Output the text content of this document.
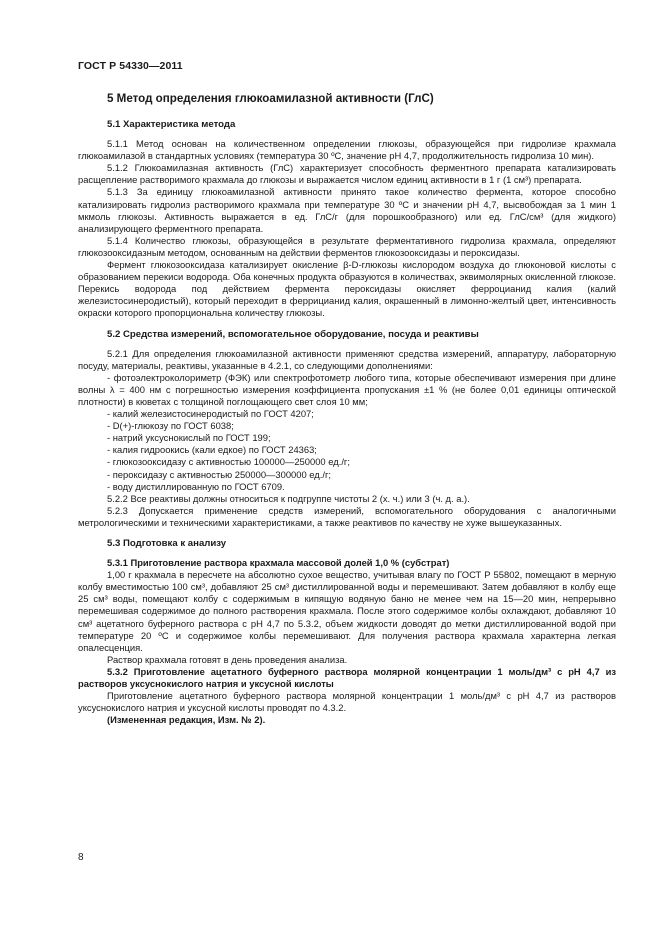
ГОСТ Р 54330—2011
5 Метод определения глюкоамилазной активности (ГлС)
5.1 Характеристика метода

5.1.1 Метод основан на количественном определении глюкозы, образующейся при гидролизе крахмала глюкоамилазой в стандартных условиях (температура 30 ºС, значение рН 4,7, продолжительность гидролиза 10 мин).

5.1.2 Глюкоамилазная активность (ГлС) характеризует способность ферментного препарата катализировать расщепление растворимого крахмала до глюкозы и выражается числом единиц активности в 1 г (1 см³) препарата.

5.1.3 За единицу глюкоамилазной активности принято такое количество фермента, которое способно катализировать гидролиз растворимого крахмала при температуре 30 ºС и значении рН 4,7, высвобождая за 1 мин 1 мкмоль глюкозы. Активность выражается в ед. ГлС/г (для порошкообразного) или ед. ГлС/см³ (для жидкого) анализирующего ферментного препарата.

5.1.4 Количество глюкозы, образующейся в результате ферментативного гидролиза крахмала, определяют глюкозооксидазным методом, основанным на действии ферментов глюкозооксидазы и пероксидазы.

Фермент глюкозооксидаза катализирует окисление β-D-глюкозы кислородом воздуха до глюконовой кислоты с образованием перекиси водорода. Оба конечных продукта образуются в количествах, эквимолярных окисленной глюкозе. Перекись водорода под действием фермента пероксидазы окисляет ферроцианид калия (калий железистосинеродистый), который переходит в феррицианид калия, окрашенный в лимонно-желтый цвет, интенсивность окраски которого пропорциональна количеству глюкозы.

5.2 Средства измерений, вспомогательное оборудование, посуда и реактивы

5.2.1 Для определения глюкоамилазной активности применяют средства измерений, аппаратуру, лабораторную посуду, материалы, реактивы, указанные в 4.2.1, со следующими дополнениями:

- фотоэлектроколориметр (ФЭК) или спектрофотометр любого типа, которые обеспечивают измерения при длине волны λ = 400 нм с погрешностью измерения коэффициента пропускания ±1 % (не более 0,01 единицы оптической плотности) в кюветах с толщиной поглощающего свет слоя 10 мм;

- калий железистосинеродистый по ГОСТ 4207;

- D(+)-глюкозу по ГОСТ 6038;

- натрий уксуснокислый по ГОСТ 199;

- калия гидроокись (кали едкое) по ГОСТ 24363;

- глюкозооксидазу с активностью 100000—250000 ед./г;

- пероксидазу с активностью 250000—300000 ед./г;

- воду дистиллированную по ГОСТ 6709.

5.2.2 Все реактивы должны относиться к подгруппе чистоты 2 (х. ч.) или 3 (ч. д. а.).

5.2.3 Допускается применение средств измерений, вспомогательного оборудования с аналогичными метрологическими и техническими характеристиками, а также реактивов по качеству не хуже вышеуказанных.

5.3 Подготовка к анализу

5.3.1 Приготовление раствора крахмала массовой долей 1,0 % (субстрат)

1,00 г крахмала в пересчете на абсолютно сухое вещество, учитывая влагу по ГОСТ Р 55802, помещают в мерную колбу вместимостью 100 см³, добавляют 25 см³ дистиллированной воды и перемешивают. Затем добавляют в колбу еще 25 см³ воды, помещают колбу с содержимым в кипящую водяную баню не менее чем на 15—20 мин, непрерывно перемешивая содержимое до полного растворения крахмала. После этого содержимое колбы охлаждают, добавляют 10 см³ ацетатного буферного раствора с рН 4,7 по 5.3.2, объем жидкости доводят до метки дистиллированной водой при температуре 20 ºС и содержимое колбы перемешивают. Для получения раствора крахмала характерна легкая опалесценция.

Раствор крахмала готовят в день проведения анализа.

5.3.2 Приготовление ацетатного буферного раствора молярной концентрации 1 моль/дм³ с рН 4,7 из растворов уксуснокислого натрия и уксусной кислоты

Приготовление ацетатного буферного раствора молярной концентрации 1 моль/дм³ с рН 4,7 из растворов уксуснокислого натрия и уксусной кислоты проводят по 4.3.2.

(Измененная редакция, Изм. № 2).

8
